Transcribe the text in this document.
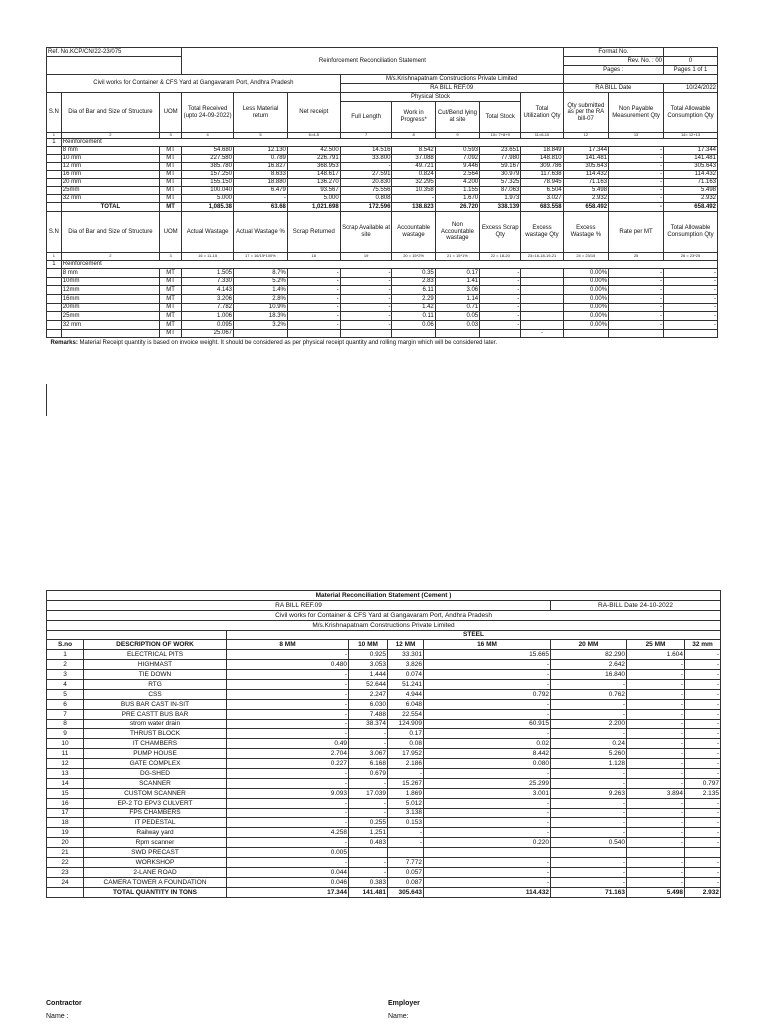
Ref. No.KCP/CN/22-23/075			Reinforcement Reconciliation Statement								Format No.		
											Rev. No. : 00		0
											Pages :		Pages 1 of 1
Civil works for Container & CFS Yard at Gangavaram Port, Andhra Pradesh						M/s.Krishnapatnam Constructions Private Limited							
						RA BILL REF.09					RA BILL Date		10/24/2022
S.N	Dia of Bar and Size of Structure	UOM	Total Received (upto 24-09-2022)	Less Material return	Net receipt	Physical Stock				Total Utilization Qty	Qty submitted as per the RA bill-07	Non Payable Measurement Qty	Total Allowable Consumption Qty
						Full Length	Work in Progress*	Cut/Bend lying at site	Total Stock				
1	2	3	4	5	6=4-5	7	8	9	10= 7+8+9	11=6-10	12	13	14= 12+13
1	Reinforcement												
	8 mm	MT	54.680	12.130	42.500	14.516	8.542	0.593	23.651	18.849	17.344	-	17.344
	10 mm	MT	227.580	0.789	226.791	33.800	37.088	7.092	77.980	148.810	141.481	-	141.481
	12 mm	MT	385.780	16.827	368.953	-	49.721	9.446	59.167	309.786	305.643	-	305.643
	16 mm	MT	157.250	8.633	148.617	27.591	0.824	2.564	30.979	117.638	114.432	-	114.432
	20 mm	MT	155.150	18.880	136.270	20.830	32.295	4.200	57.325	78.945	71.163	-	71.163
	25mm	MT	100.040	6.479	93.567	75.556	10.358	1.155	87.063	6.504	5.498	-	5.498
	32 mm	MT	5.000	-	5.000	0.808	-	1.670	1.973	3.027	2.932	-	2.932
	TOTAL	MT	1,085.38	63.68	1,021.698	172.596	138.823	26.720	338.139	683.558	658.492	-	658.492
S.N	Dia of Bar and Size of Structure	UOM	Actual Wastage	Actual Wastage %	Scrap Returned	Scrap Available at site	Accountable wastage	Non Accountable wastage	Excess Scrap Qty	Excess wastage Qty	Excess Wastage %	Rate per MT	Total Allowable Consumption Qty
1	2	3	16 = 11-15	17 = 16/15*100%	18	19	20 = 15*2%	21 = 15*1%	22 = 18-20	23=16-18-19-21	24 = 23/15	25	26 = 23*25
1	Reinforcement												
	8 mm	MT	1.505	8.7%	-	-	0.35	0.17	-		0.00%	-	-
	10mm	MT	7.330	5.2%	-	-	2.83	1.41	-		0.00%	-	-
	12mm	MT	4.143	1.4%	-	-	6.11	3.06	-		0.00%	-	-
	16mm	MT	3.206	2.8%	-	-	2.29	1.14	-		0.00%	-	-
	20mm	MT	7.782	10.9%	-	-	1.42	0.71	-		0.00%	-	-
	25mm	MT	1.006	18.3%	-	-	0.11	0.05	-		0.00%	-	-
	32 mm	MT	0.095	3.2%	-	-	0.06	0.03	-		0.00%	-	-
		MT	25.067							-			
Remarks: Material Receipt quantity is based on invoice weight. It should be considered as per physical receipt quantity and rolling margin which will be considered later.													
Material Reconciliation Statement (Cement )								
RA BILL REF.09						RA-BILL Date 24-10-2022		
Civil works for Container & CFS Yard at Gangavaram Port, Andhra Pradesh								
M/s.Krishnapatnam Constructions Private Limited								
		STEEL						
S.no	DESCRIPTION OF WORK	8 MM	10 MM	12 MM	16 MM	20 MM	25 MM	32 mm
1	ELECTRICAL PITS	-	0.925	33.301	15.665	82.290	1.604	-
2	HIGHMAST	0.480	3.053	3.826	-	2.642	-	-
3	TIE DOWN	-	1.444	0.074	-	16.840	-	-
4	RTG	-	52.644	51.241	-	-	-	-
5	CSS	-	2.247	4.944	0.792	0.762	-	-
6	BUS BAR CAST IN-SIT	-	6.030	6.048	-	-	-	-
7	PRE CASTT BUS BAR	-	7.488	22.554	-	-	-	-
8	strom water drain	-	38.374	124.909	60.915	2.200	-	-
9	THRUST BLOCK	-	-	0.17	-	-	-	-
10	IT CHAMBERS	0.49	-	0.08	0.02	0.24	-	-
11	PUMP HOUSE	2.704	3.067	17.952	8.442	5.260	-	-
12	GATE COMPLEX	0.227	6.168	2.186	0.080	1.128	-	-
13	DG-SHED	-	0.679	-	-	-	-	-
14	SCANNER	-	-	15.267	25.299	-	-	0.797
15	CUSTOM SCANNER	9.093	17.039	1.869	3.001	9.263	3.894	2.135
16	EP-2 TO EPV3 CULVERT	-	-	5.012	-	-	-	-
17	FPS CHAMBERS	-	-	3.138	-	-	-	-
18	IT PEDESTAL	-	0.255	0.153	-	-	-	-
19	Railway yard	4.258	1.251	-	-	-	-	-
20	Rpm scanner	-	0.483	-	0.220	0.540	-	-
21	SWD PRECAST	0.005						
22	WORKSHOP	-	-	7.772	-	-	-	-
23	2-LANE ROAD	0.044	-	0.057	-	-	-	-
24	CAMERA TOWER A FOUNDATION	0.046	0.383	0.087	-	-	-	-
	TOTAL QUANTITY IN TONS	17.344	141.481	305.643	114.432	71.163	5.498	2.932
Contractor
Name :
Employer
Name:
